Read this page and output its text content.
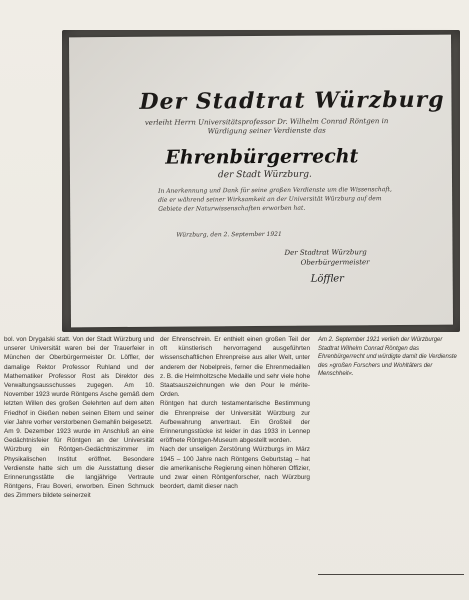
Der Stadtrat Würzburg
verleiht Herrn Universitätsprofessor Dr. Wilhelm Conrad Röntgen in Würdigung seiner Verdienste das
Ehrenbürgerrecht
der Stadt Würzburg.
In Anerkennung und Dank für seine großen Verdienste um die Wissenschaft, die er während seiner Wirksamkeit an der Universität Würzburg auf dem Gebiete der Naturwissenschaften erworben hat.
Würzburg, den 2. September 1921
Der Stadtrat Würzburg
Oberbürgermeister
Löffler

bol. von Drygalski statt. Von der Stadt Würzburg und unserer Universität waren bei der Trauerfeier in München der Oberbürgermeister Dr. Löffler, der damalige Rektor Professor Ruhland und der Mathematiker Professor Rost als Direktor des Verwaltungsausschusses zugegen. Am 10. November 1923 wurde Röntgens Asche gemäß dem letzten Willen des großen Gelehrten auf dem alten Friedhof in Gießen neben seinen Eltern und seiner vier Jahre vorher verstorbenen Gemahlin beigesetzt.
Am 9. Dezember 1923 wurde im Anschluß an eine Gedächtnisfeier für Röntgen an der Universität Würzburg ein Röntgen-Gedächtniszimmer im Physikalischen Institut eröffnet. Besondere Verdienste hatte sich um die Ausstattung dieser Erinnerungsstätte die langjährige Vertraute Röntgens, Frau Boveri, erworben. Einen Schmuck des Zimmers bildete seinerzeit

der Ehrenschrein. Er enthielt einen großen Teil der oft künstlerisch hervorragend ausgeführten wissenschaftlichen Ehrenpreise aus aller Welt, unter anderem der Nobelpreis, ferner die Ehrenmedaillen z. B. die Helmholtzsche Medaille und sehr viele hohe Staatsauszeichnungen wie den Pour le mérite-Orden.
Röntgen hat durch testamentarische Bestimmung die Ehrenpreise der Universität Würzburg zur Aufbewahrung anvertraut. Ein Großteil der Erinnerungsstücke ist leider in das 1933 in Lennep eröffnete Röntgen-Museum abgestellt worden.
Nach der unseligen Zerstörung Würzburgs im März 1945 – 100 Jahre nach Röntgens Geburtstag – hat die amerikanische Regierung einen höheren Offizier, und zwar einen Röntgenforscher, nach Würzburg beordert, damit dieser nach

Am 2. September 1921 verlieh der Würzburger Stadtrat Wilhelm Conrad Röntgen das Ehrenbürgerrecht und würdigte damit die Verdienste des »großen Forschers und Wohltäters der Menschheit«.
